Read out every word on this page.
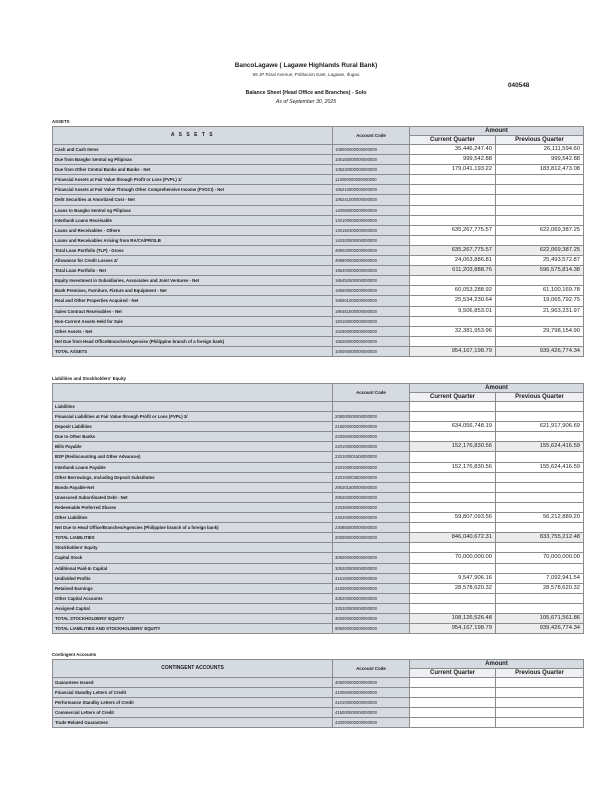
BancoLagawe ( Lagawe Highlands Rural Bank)
59 JP Rizal Avenue, Poblacion East, Lagawe, Ifugao
040548
Balance Sheet (Head Office and Branches) - Solo
As of September 30, 2025
ASSETS
A S S E T S	Account Code	Amount	
		Current Quarter	Previous Quarter
Cash and Cash Items	108000000000000000	35,446,247.40	26,111,594.60
Due from Bangko Sentral ng Pilipinas	105150000000000000	999,542.88	999,542.88
Due from Other Central Banks and Banks - Net	105220000000000000	179,041,193.22	183,812,473.08
Financial Assets at Fair Value through Profit or Loss (FVPL) 1/	113000000000000000		
Financial Assets at Fair Value Through Other Comprehensive Income (FVOCI) - Net	195210000000000000		
Debt Securities at Amortized Cost - Net	195241000000000000		
Loans to Bangko Sentral ng Pilipinas	140050000000000000		
Interbank Loans Receivable	140100000000000000		
Loans and Receivables - Others	140150300000000000	635,267,775.57	622,069,387.25
Loans and Receivables Arising from RA/CA/PR/SLB	140200000000000000		
Total Loan Portfolio (TLP) - Gross	499020000000000000	635,267,775.57	622,069,387.25
Allowance for Credit Losses 2/	499800000000000000	24,063,886.81	25,493,572.87
Total Loan Portfolio - Net	195400000000000000	611,203,888.76	596,575,814.38
Equity Investment in Subsidiaries, Associates and Joint Ventures - Net	195452500000000000		
Bank Premises, Furniture, Fixture and Equipment - Net	195500500000000000	60,053,288.92	61,100,169.78
Real and Other Properties Acquired - Net	195501000000000000	25,534,230.64	19,065,792.75
Sales Contract Receivables - Net	195451500000000000	9,506,853.01	21,963,231.97
Non-Current Assets Held for Sale	150150000000000000		
Other Assets - Net	152500000000000000	32,381,953.96	29,798,154.90
Net Due from Head Office/Branches/Agencies (Philippine branch of a foreign bank)	155250000000000000		
TOTAL ASSETS	100000000000000000	954,167,198.79	939,426,774.34
Liabilities and Stockholders' Equity
	Account Code	Amount	
		Current Quarter	Previous Quarter
Liabilities			
Financial Liabilities at Fair Value through Profit or Loss (FVPL) 3/	208000000000000000		
Deposit Liabilities	215000000000000000	634,056,748.19	621,917,906.69
Due to Other Banks	220050000000000000		
Bills Payable	220100000000000000	152,176,830.56	155,624,416.59
BSP (Rediscounting and Other Advances)	220100001500000000		
Interbank Loans Payable	220100002000000000	152,176,830.56	155,624,416.59
Other Borrowings, Including Deposit Substitutes	220100003500000000		
Bonds Payable-Net	295201500000000000		
Unsecured Subordinated Debt - Net	295202000000000000		
Redeemable Preferred Shares	220250000000000000		
Other Liabilities	240200000000000000	59,807,093.56	56,212,889.20
Net Due to Head Office/Branches/Agencies (Philippine branch of a foreign bank)	230850000000000000		
TOTAL LIABILITIES	200000000000000000	846,040,672.31	833,755,212.48
Stockholders' Equity			
Capital Stock	305000000000000000	70,000,000.00	70,000,000.00
Additional Paid-In Capital	305200000000000000		
Undivided Profits	315150000000000000	9,547,906.16	7,092,941.54
Retained Earnings	315000000000000000	28,578,620.32	28,578,620.32
Other Capital Accounts	335200000000000000		
Assigned Capital	325200000000000000		
TOTAL STOCKHOLDERS' EQUITY	300000000000000000	108,126,526.48	105,671,561.86
TOTAL LIABILITIES AND STOCKHOLDERS' EQUITY	905000000000000000	954,167,198.79	939,426,774.34
Contingent Accounts
CONTINGENT ACCOUNTS	Account Code	Amount	
		Current Quarter	Previous Quarter
Guarantees Issued	405000000000000000		
Financial Standby Letters of Credit	410050000000000000		
Performance Standby Letters of Credit	410100000000000000		
Commercial Letters of Credit	415000000000000000		
Trade Related Guarantees	420000000000000000		
